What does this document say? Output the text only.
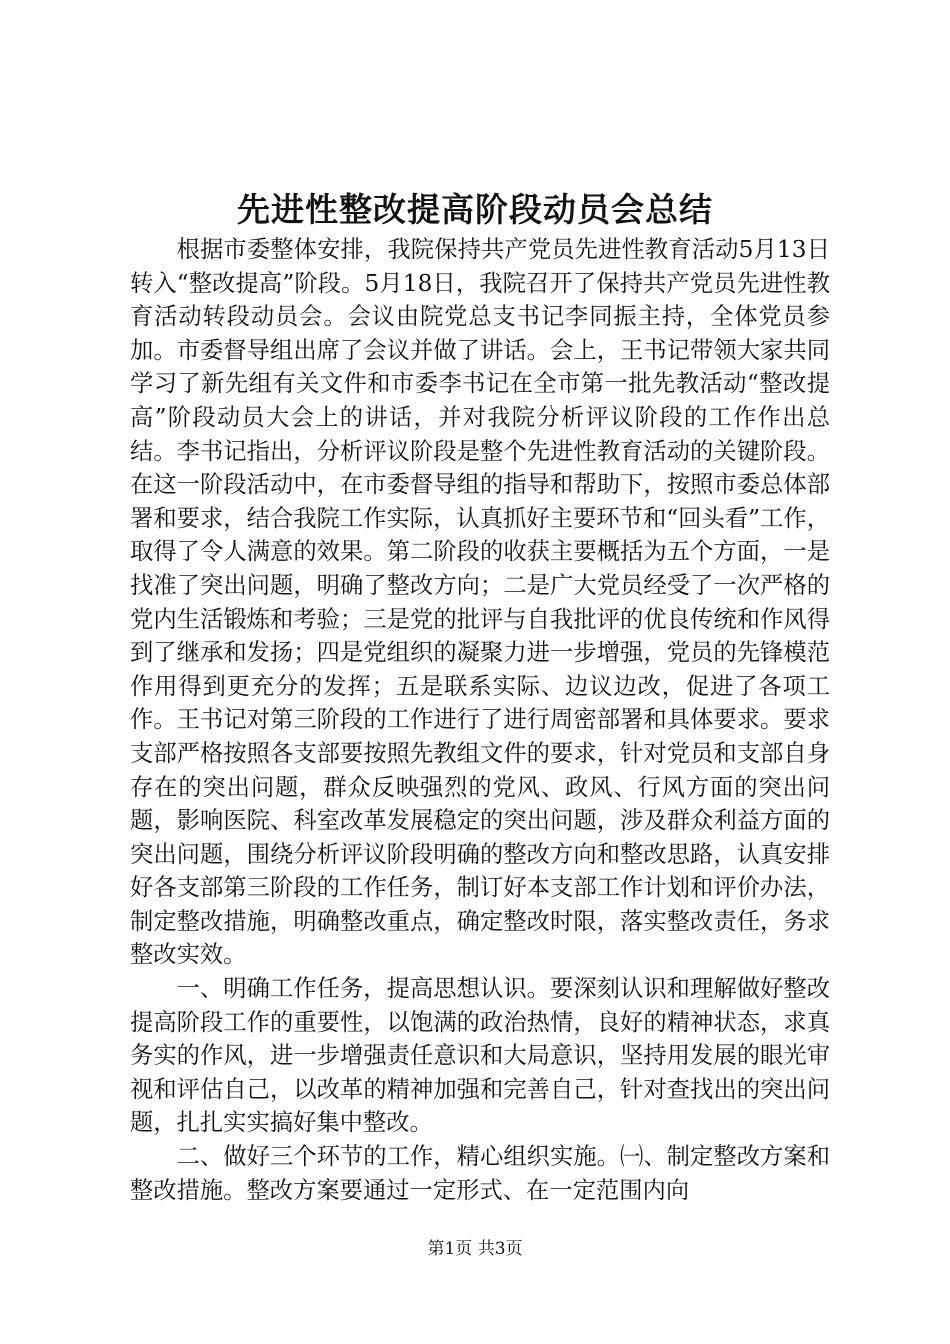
先进性整改提高阶段动员会总结

根据市委整体安排，我院保持共产党员先进性教育活动5月13日转入“整改提高”阶段。5月18日，我院召开了保持共产党员先进性教育活动转段动员会。会议由院党总支书记李同振主持，全体党员参加。市委督导组出席了会议并做了讲话。会上，王书记带领大家共同学习了新先组有关文件和市委李书记在全市第一批先教活动“整改提高”阶段动员大会上的讲话，并对我院分析评议阶段的工作作出总结。李书记指出，分析评议阶段是整个先进性教育活动的关键阶段。在这一阶段活动中，在市委督导组的指导和帮助下，按照市委总体部署和要求，结合我院工作实际，认真抓好主要环节和“回头看”工作，取得了令人满意的效果。第二阶段的收获主要概括为五个方面，一是找准了突出问题，明确了整改方向；二是广大党员经受了一次严格的党内生活锻炼和考验；三是党的批评与自我批评的优良传统和作风得到了继承和发扬；四是党组织的凝聚力进一步增强，党员的先锋模范作用得到更充分的发挥；五是联系实际、边议边改，促进了各项工作。王书记对第三阶段的工作进行了进行周密部署和具体要求。要求支部严格按照各支部要按照先教组文件的要求，针对党员和支部自身存在的突出问题，群众反映强烈的党风、政风、行风方面的突出问题，影响医院、科室改革发展稳定的突出问题，涉及群众利益方面的突出问题，围绕分析评议阶段明确的整改方向和整改思路，认真安排好各支部第三阶段的工作任务，制订好本支部工作计划和评价办法，制定整改措施，明确整改重点，确定整改时限，落实整改责任，务求整改实效。

一、明确工作任务，提高思想认识。要深刻认识和理解做好整改提高阶段工作的重要性，以饱满的政治热情，良好的精神状态，求真务实的作风，进一步增强责任意识和大局意识，坚持用发展的眼光审视和评估自己，以改革的精神加强和完善自己，针对查找出的突出问题，扎扎实实搞好集中整改。

二、做好三个环节的工作，精心组织实施。㈠、制定整改方案和整改措施。整改方案要通过一定形式、在一定范围内向

第1页 共3页
